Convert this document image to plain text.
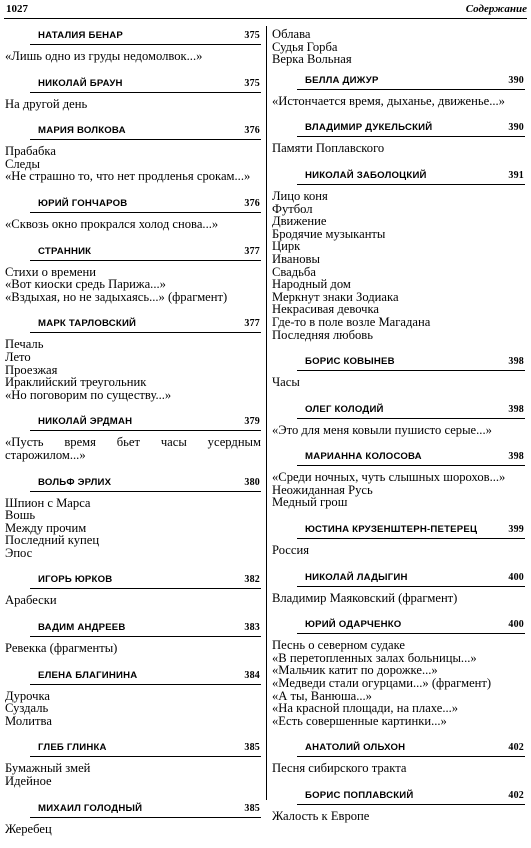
1027	Содержание
НАТАЛИЯ БЕНАР	375
«Лишь одно из груды недомолвок...»
НИКОЛАЙ БРАУН	375
На другой день
МАРИЯ ВОЛКОВА	376
Прабабка
Следы
«Не страшно то, что нет продленья срокам...»
ЮРИЙ ГОНЧАРОВ	376
«Сквозь окно прокрался холод снова...»
СТРАННИК	377
Стихи о времени
«Вот киоски средь Парижа...»
«Вздыхая, но не задыхаясь...» (фрагмент)
МАРК ТАРЛОВСКИЙ	377
Печаль
Лето
Проезжая
Ираклийский треугольник
«Но поговорим по существу...»
НИКОЛАЙ ЭРДМАН	379
«Пусть время бьет часы усердным старожилом...»
ВОЛЬФ ЭРЛИХ	380
Шпион с Марса
Вошь
Между прочим
Последний купец
Эпос
ИГОРЬ ЮРКОВ	382
Арабески
ВАДИМ АНДРЕЕВ	383
Ревекка (фрагменты)
ЕЛЕНА БЛАГИНИНА	384
Дурочка
Суздаль
Молитва
ГЛЕБ ГЛИНКА	385
Бумажный змей
Идейное
МИХАИЛ ГОЛОДНЫЙ	385
Жеребец
Облава
Судья Горба
Верка Вольная
БЕЛЛА ДИЖУР	390
«Истончается время, дыханье, движенье...»
ВЛАДИМИР ДУКЕЛЬСКИЙ	390
Памяти Поплавского
НИКОЛАЙ ЗАБОЛОЦКИЙ	391
Лицо коня
Футбол
Движение
Бродячие музыканты
Цирк
Ивановы
Свадьба
Народный дом
Меркнут знаки Зодиака
Некрасивая девочка
Где-то в поле возле Магадана
Последняя любовь
БОРИС КОВЫНЕВ	398
Часы
ОЛЕГ КОЛОДИЙ	398
«Это для меня ковыли пушисто серые...»
МАРИАННА КОЛОСОВА	398
«Среди ночных, чуть слышных шорохов...»
Неожиданная Русь
Медный грош
ЮСТИНА КРУЗЕНШТЕРН-ПЕТЕРЕЦ	399
Россия
НИКОЛАЙ ЛАДЫГИН	400
Владимир Маяковский (фрагмент)
ЮРИЙ ОДАРЧЕНКО	400
Песнь о северном судаке
«В перетопленных залах больницы...»
«Мальчик катит по дорожке...»
«Медведи стали огурцами...» (фрагмент)
«А ты, Ванюша...»
«На красной площади, на плахе...»
«Есть совершенные картинки...»
АНАТОЛИЙ ОЛЬХОН	402
Песня сибирского тракта
БОРИС ПОПЛАВСКИЙ	402
Жалость к Европе
